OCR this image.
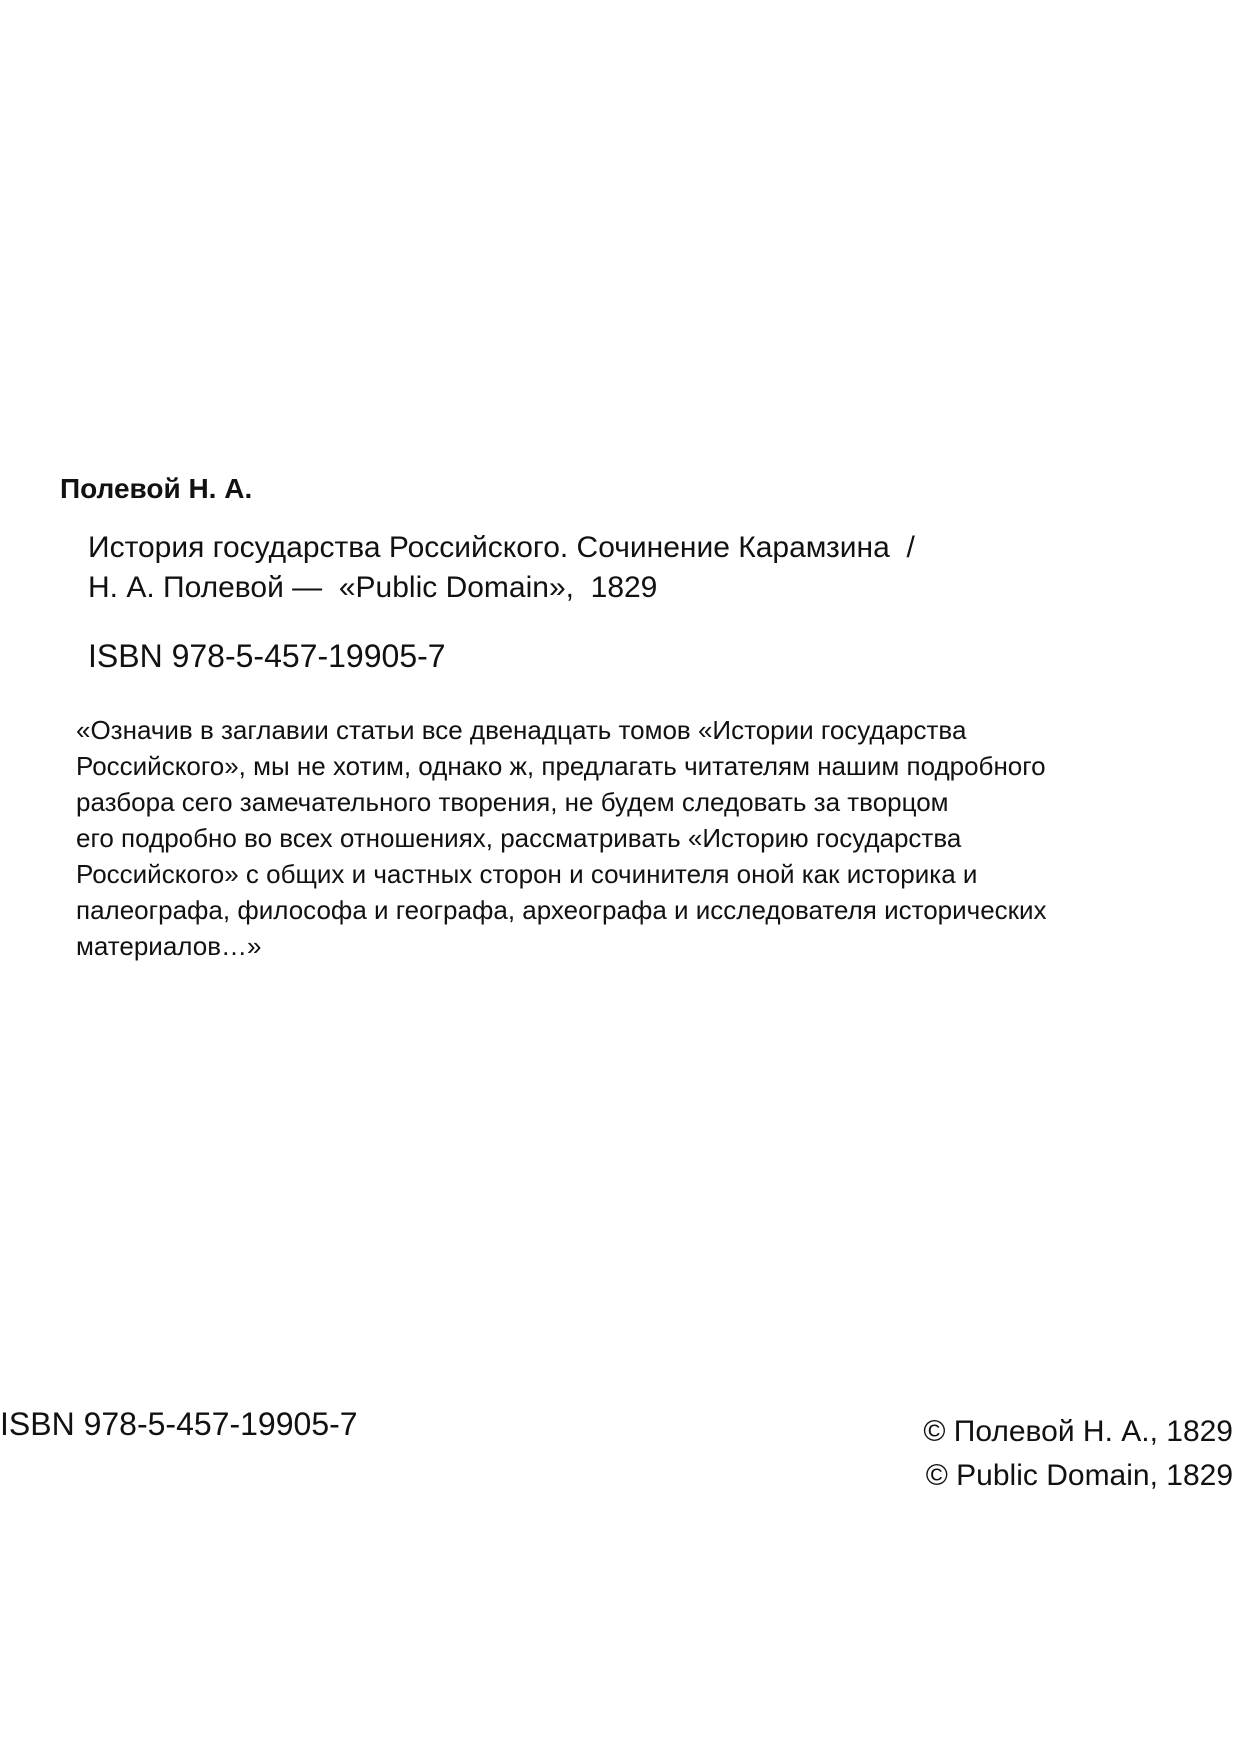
Полевой Н. А.
История государства Российского. Сочинение Карамзина  /
Н. А. Полевой —  «Public Domain»,  1829
ISBN 978-5-457-19905-7
«Означив в заглавии статьи все двенадцать томов «Истории государства
Российского», мы не хотим, однако ж, предлагать читателям нашим подробного
разбора сего замечательного творения, не будем следовать за творцом
его подробно во всех отношениях, рассматривать «Историю государства
Российского» с общих и частных сторон и сочинителя оной как историка и
палеографа, философа и географа, археографа и исследователя исторических
материалов…»
ISBN 978-5-457-19905-7	© Полевой Н. А., 1829
© Public Domain, 1829
